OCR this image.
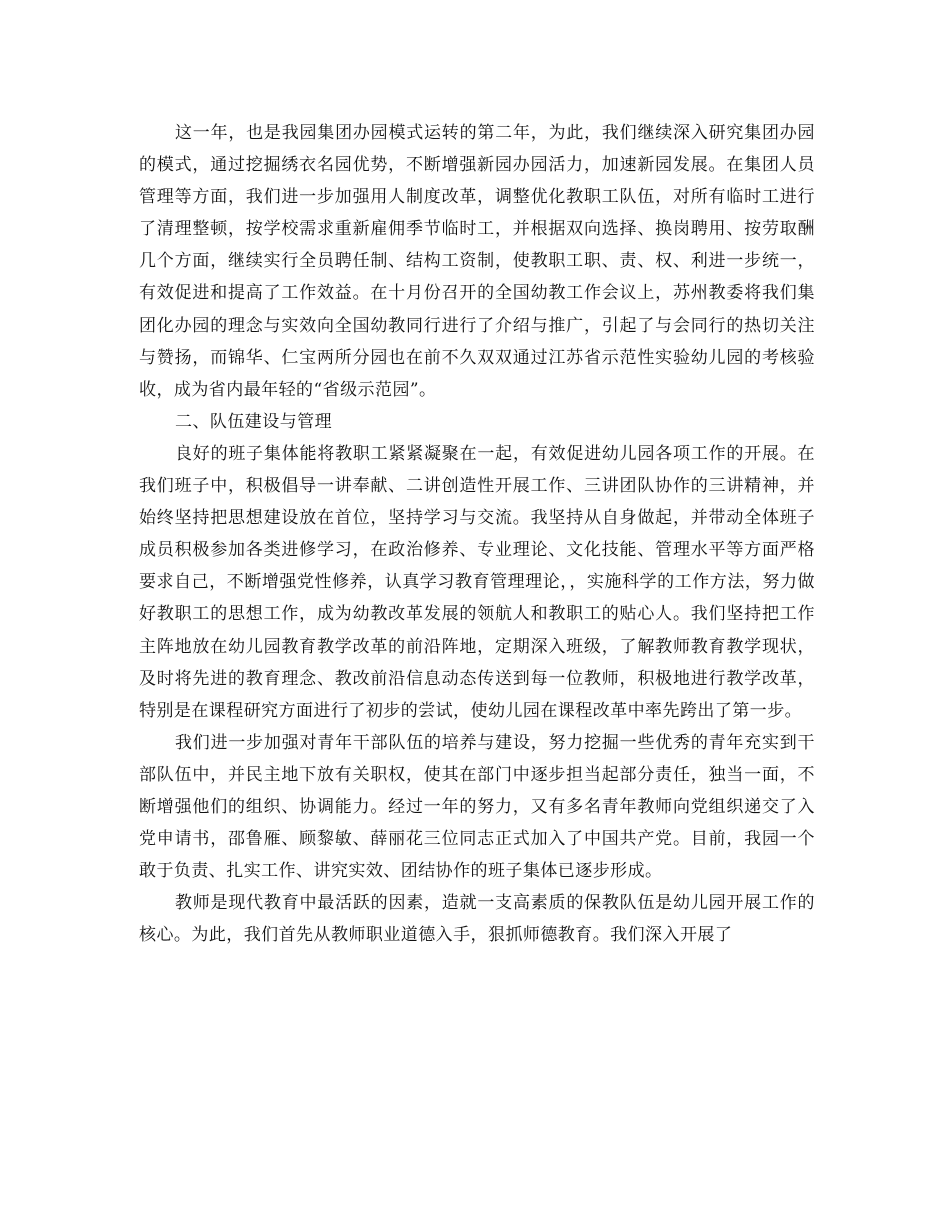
这一年，也是我园集团办园模式运转的第二年，为此，我们继续深入研究集团办园的模式，通过挖掘绣衣名园优势，不断增强新园办园活力，加速新园发展。在集团人员管理等方面，我们进一步加强用人制度改革，调整优化教职工队伍，对所有临时工进行了清理整顿，按学校需求重新雇佣季节临时工，并根据双向选择、换岗聘用、按劳取酬几个方面，继续实行全员聘任制、结构工资制，使教职工职、责、权、利进一步统一，有效促进和提高了工作效益。在十月份召开的全国幼教工作会议上，苏州教委将我们集团化办园的理念与实效向全国幼教同行进行了介绍与推广，引起了与会同行的热切关注与赞扬，而锦华、仁宝两所分园也在前不久双双通过江苏省示范性实验幼儿园的考核验收，成为省内最年轻的“省级示范园”。

二、队伍建设与管理

良好的班子集体能将教职工紧紧凝聚在一起，有效促进幼儿园各项工作的开展。在我们班子中，积极倡导一讲奉献、二讲创造性开展工作、三讲团队协作的三讲精神，并始终坚持把思想建设放在首位，坚持学习与交流。我坚持从自身做起，并带动全体班子成员积极参加各类进修学习，在政治修养、专业理论、文化技能、管理水平等方面严格要求自己，不断增强党性修养，认真学习教育管理理论，，实施科学的工作方法，努力做好教职工的思想工作，成为幼教改革发展的领航人和教职工的贴心人。我们坚持把工作主阵地放在幼儿园教育教学改革的前沿阵地，定期深入班级，了解教师教育教学现状，及时将先进的教育理念、教改前沿信息动态传送到每一位教师，积极地进行教学改革，特别是在课程研究方面进行了初步的尝试，使幼儿园在课程改革中率先跨出了第一步。

我们进一步加强对青年干部队伍的培养与建设，努力挖掘一些优秀的青年充实到干部队伍中，并民主地下放有关职权，使其在部门中逐步担当起部分责任，独当一面，不断增强他们的组织、协调能力。经过一年的努力，又有多名青年教师向党组织递交了入党申请书，邵鲁雁、顾黎敏、薛丽花三位同志正式加入了中国共产党。目前，我园一个敢于负责、扎实工作、讲究实效、团结协作的班子集体已逐步形成。

教师是现代教育中最活跃的因素，造就一支高素质的保教队伍是幼儿园开展工作的核心。为此，我们首先从教师职业道德入手，狠抓师德教育。我们深入开展了
